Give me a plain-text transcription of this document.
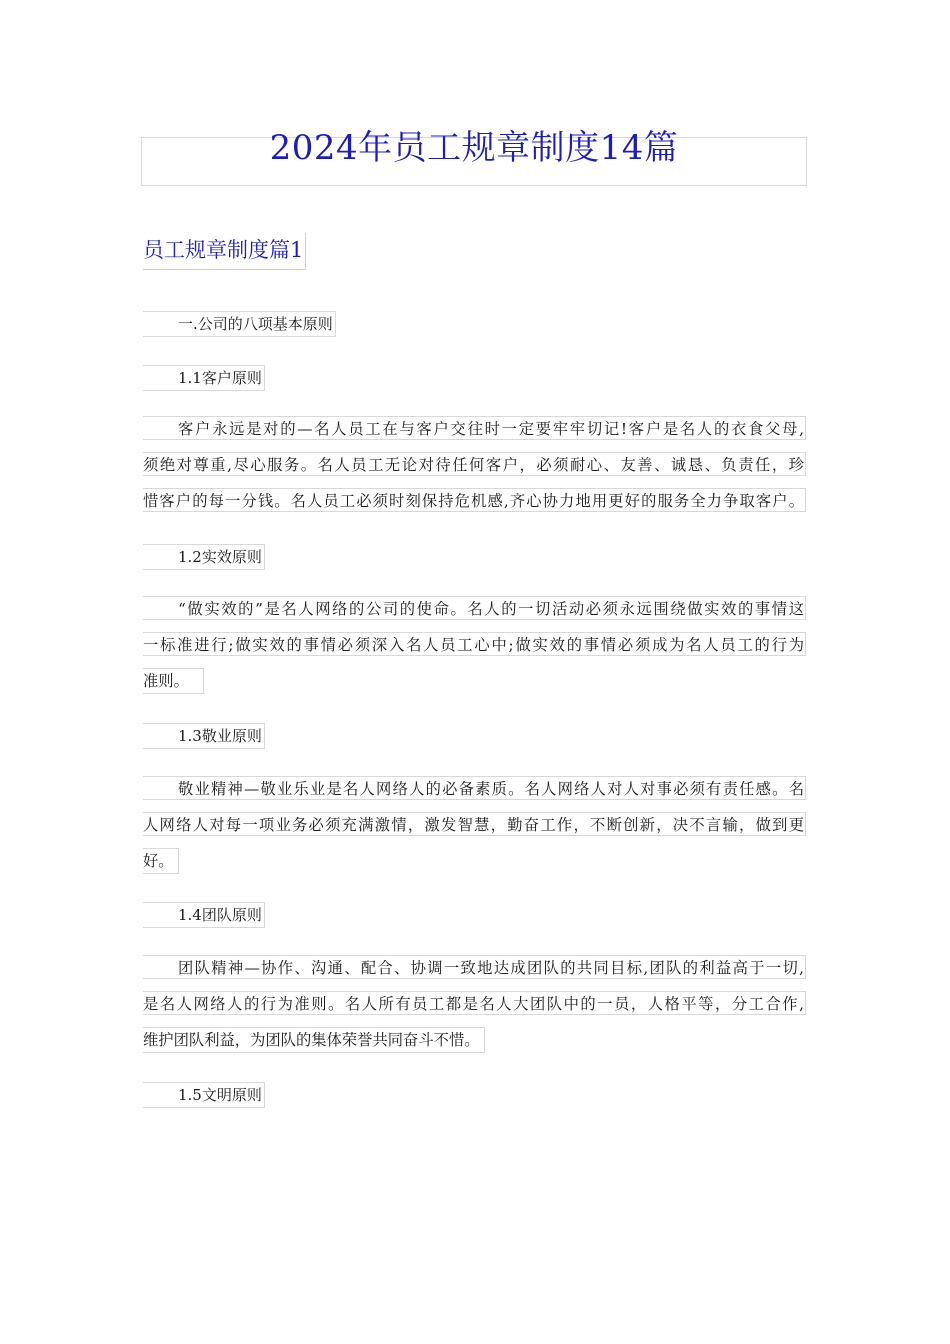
2024年员工规章制度14篇
员工规章制度篇1
一.公司的八项基本原则
1.1客户原则
客户永远是对的—名人员工在与客户交往时一定要牢牢切记!客户是名人的衣食父母,
须绝对尊重,尽心服务。名人员工无论对待任何客户，必须耐心、友善、诚恳、负责任，珍
惜客户的每一分钱。名人员工必须时刻保持危机感,齐心协力地用更好的服务全力争取客户。
1.2实效原则
“做实效的”是名人网络的公司的使命。名人的一切活动必须永远围绕做实效的事情这
一标准进行;做实效的事情必须深入名人员工心中;做实效的事情必须成为名人员工的行为
准则。
1.3敬业原则
敬业精神—敬业乐业是名人网络人的必备素质。名人网络人对人对事必须有责任感。名
人网络人对每一项业务必须充满激情，激发智慧，勤奋工作，不断创新，决不言输，做到更
好。
1.4团队原则
团队精神—协作、沟通、配合、协调一致地达成团队的共同目标,团队的利益高于一切,
是名人网络人的行为准则。名人所有员工都是名人大团队中的一员，人格平等，分工合作,
维护团队利益，为团队的集体荣誉共同奋斗不惜。
1.5文明原则
